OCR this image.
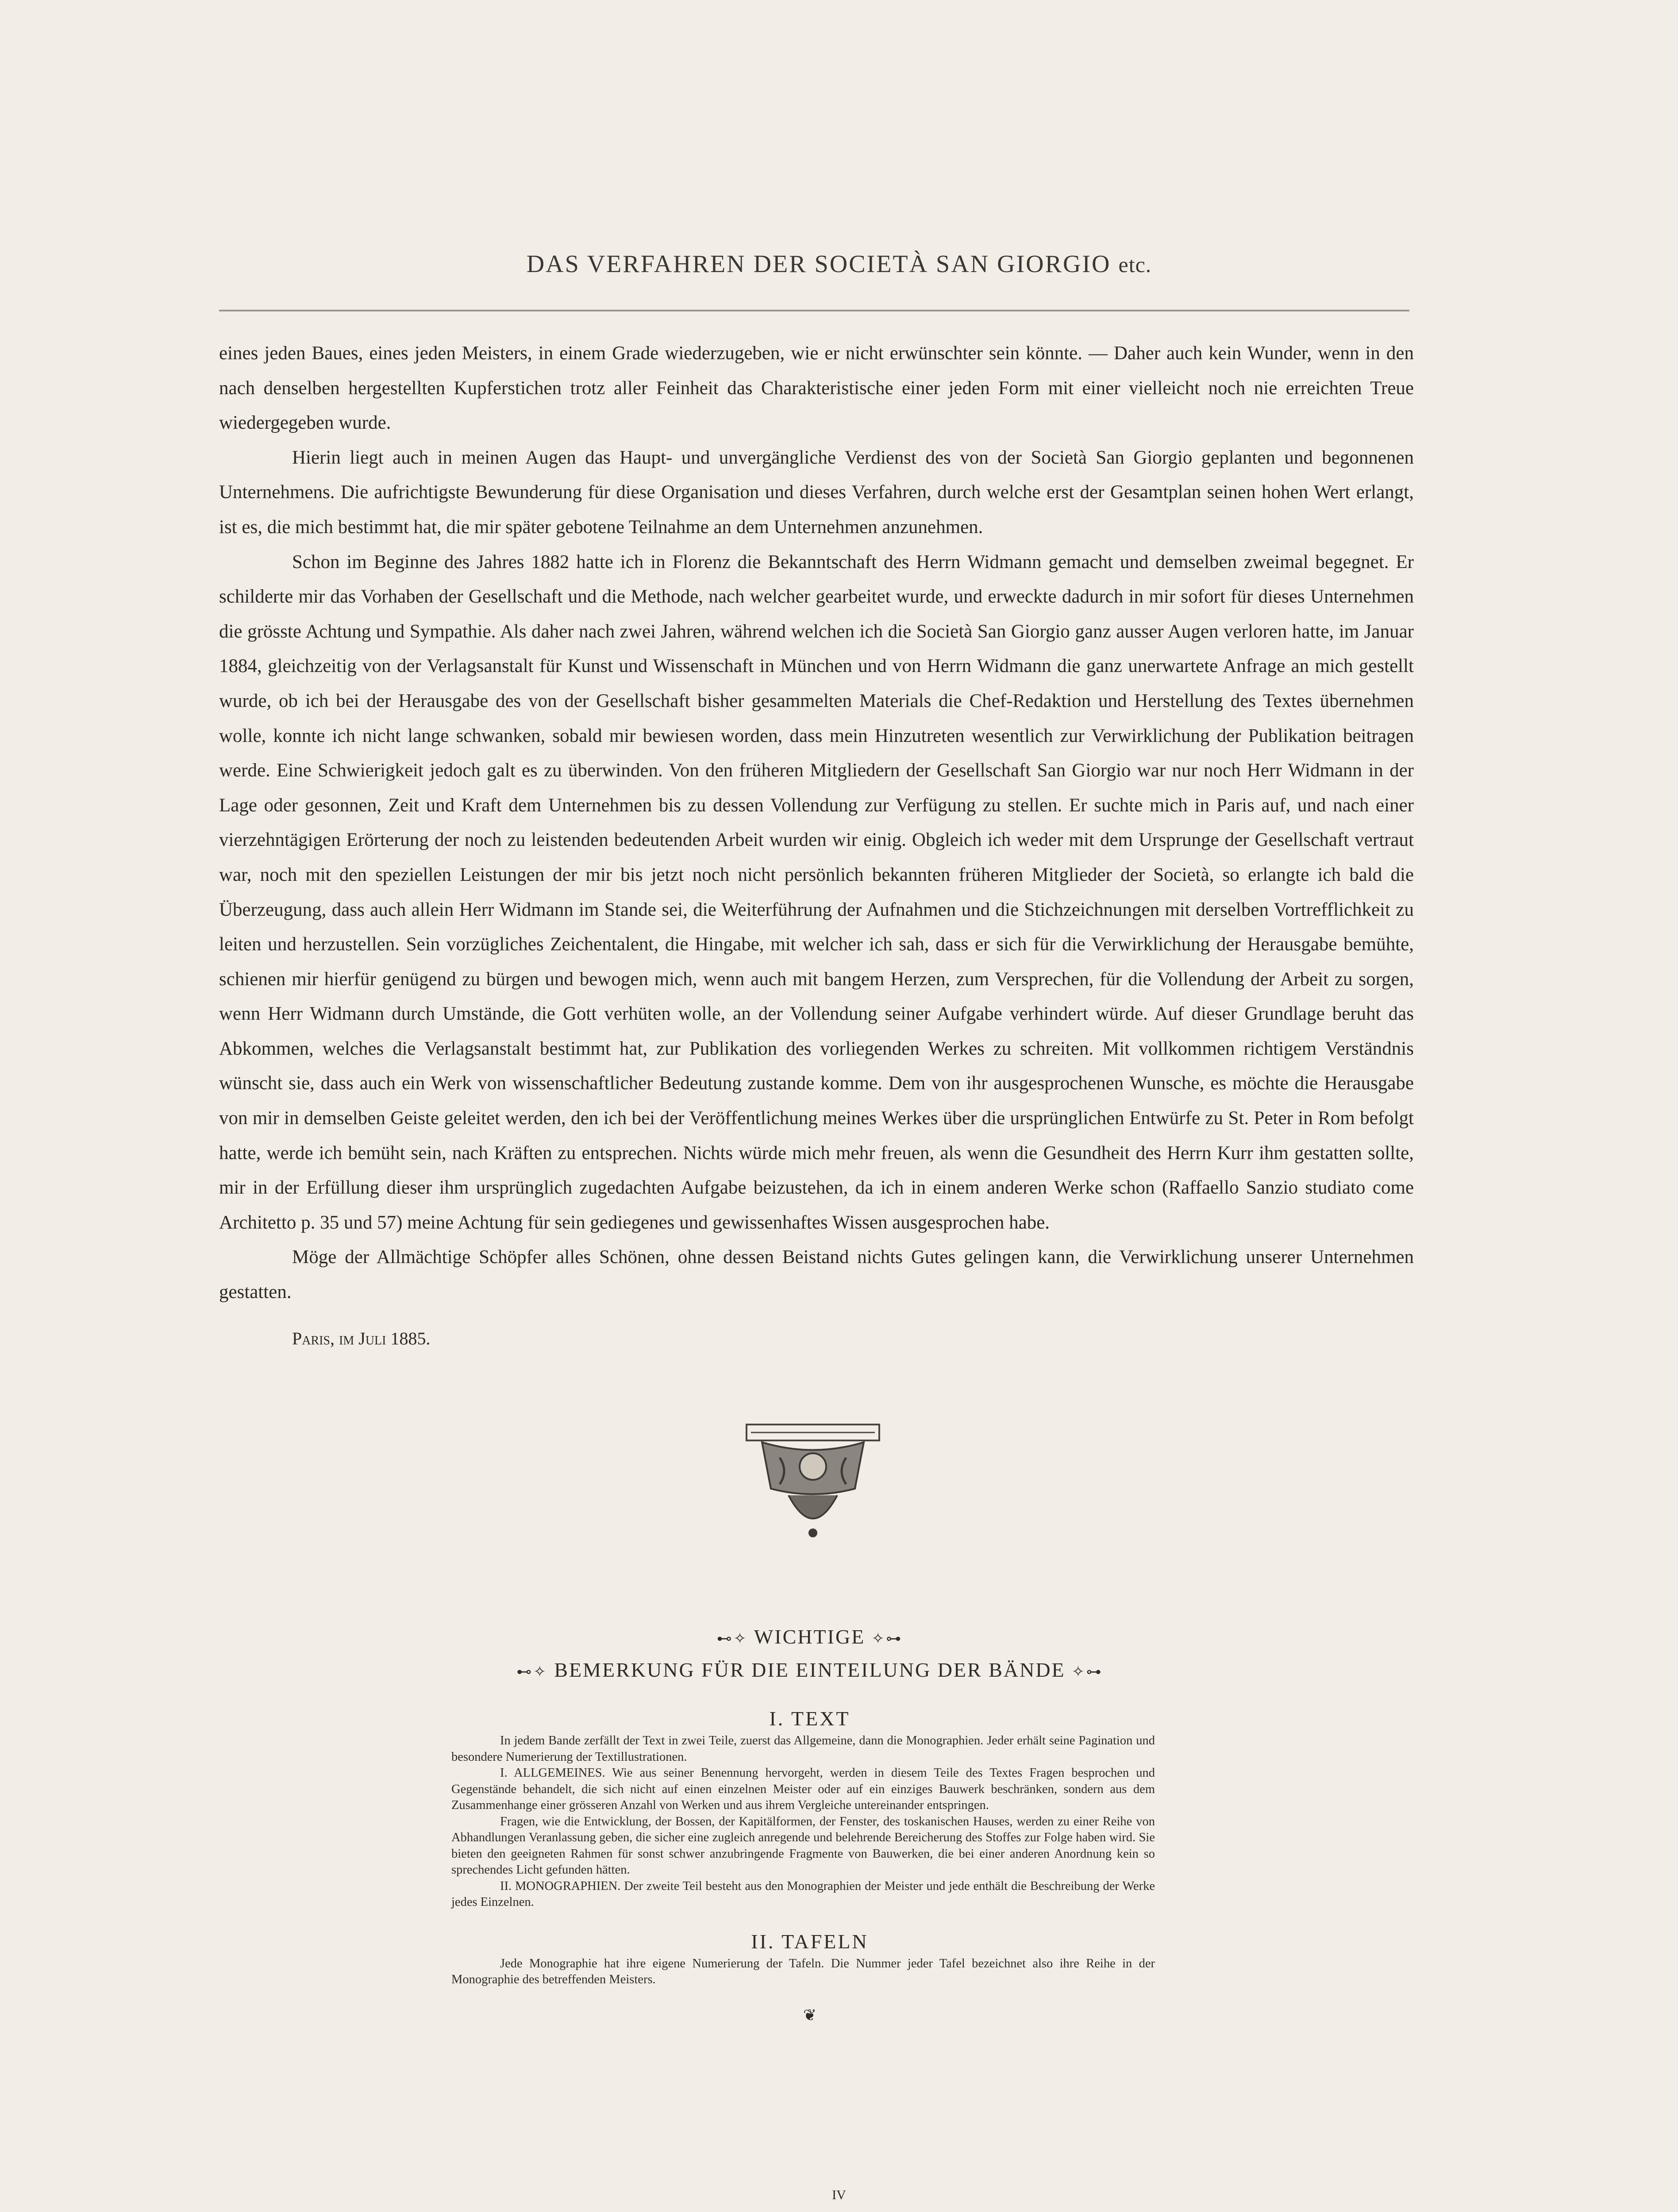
DAS VERFAHREN DER SOCIETÀ SAN GIORGIO etc.

eines jeden Baues, eines jeden Meisters, in einem Grade wiederzugeben, wie er nicht erwünschter sein könnte. — Daher auch kein Wunder, wenn in den nach denselben hergestellten Kupferstichen trotz aller Feinheit das Charakteristische einer jeden Form mit einer vielleicht noch nie erreichten Treue wiedergegeben wurde.

Hierin liegt auch in meinen Augen das Haupt- und unvergängliche Verdienst des von der Società San Giorgio geplanten und begonnenen Unternehmens. Die aufrichtigste Bewunderung für diese Organisation und dieses Verfahren, durch welche erst der Gesamtplan seinen hohen Wert erlangt, ist es, die mich bestimmt hat, die mir später gebotene Teilnahme an dem Unternehmen anzunehmen.

Schon im Beginne des Jahres 1882 hatte ich in Florenz die Bekanntschaft des Herrn Widmann gemacht und demselben zweimal begegnet. Er schilderte mir das Vorhaben der Gesellschaft und die Methode, nach welcher gearbeitet wurde, und erweckte dadurch in mir sofort für dieses Unternehmen die grösste Achtung und Sympathie. Als daher nach zwei Jahren, während welchen ich die Società San Giorgio ganz ausser Augen verloren hatte, im Januar 1884, gleichzeitig von der Verlagsanstalt für Kunst und Wissenschaft in München und von Herrn Widmann die ganz unerwartete Anfrage an mich gestellt wurde, ob ich bei der Herausgabe des von der Gesellschaft bisher gesammelten Materials die Chef-Redaktion und Herstellung des Textes übernehmen wolle, konnte ich nicht lange schwanken, sobald mir bewiesen worden, dass mein Hinzutreten wesentlich zur Verwirklichung der Publikation beitragen werde. Eine Schwierigkeit jedoch galt es zu überwinden. Von den früheren Mitgliedern der Gesellschaft San Giorgio war nur noch Herr Widmann in der Lage oder gesonnen, Zeit und Kraft dem Unternehmen bis zu dessen Vollendung zur Verfügung zu stellen. Er suchte mich in Paris auf, und nach einer vierzehntägigen Erörterung der noch zu leistenden bedeutenden Arbeit wurden wir einig. Obgleich ich weder mit dem Ursprunge der Gesellschaft vertraut war, noch mit den speziellen Leistungen der mir bis jetzt noch nicht persönlich bekannten früheren Mitglieder der Società, so erlangte ich bald die Überzeugung, dass auch allein Herr Widmann im Stande sei, die Weiterführung der Aufnahmen und die Stichzeichnungen mit derselben Vortrefflichkeit zu leiten und herzustellen. Sein vorzügliches Zeichentalent, die Hingabe, mit welcher ich sah, dass er sich für die Verwirklichung der Herausgabe bemühte, schienen mir hierfür genügend zu bürgen und bewogen mich, wenn auch mit bangem Herzen, zum Versprechen, für die Vollendung der Arbeit zu sorgen, wenn Herr Widmann durch Umstände, die Gott verhüten wolle, an der Vollendung seiner Aufgabe verhindert würde. Auf dieser Grundlage beruht das Abkommen, welches die Verlagsanstalt bestimmt hat, zur Publikation des vorliegenden Werkes zu schreiten. Mit vollkommen richtigem Verständnis wünscht sie, dass auch ein Werk von wissenschaftlicher Bedeutung zustande komme. Dem von ihr ausgesprochenen Wunsche, es möchte die Herausgabe von mir in demselben Geiste geleitet werden, den ich bei der Veröffentlichung meines Werkes über die ursprünglichen Entwürfe zu St. Peter in Rom befolgt hatte, werde ich bemüht sein, nach Kräften zu entsprechen. Nichts würde mich mehr freuen, als wenn die Gesundheit des Herrn Kurr ihm gestatten sollte, mir in der Erfüllung dieser ihm ursprünglich zugedachten Aufgabe beizustehen, da ich in einem anderen Werke schon (Raffaello Sanzio studiato come Architetto p. 35 und 57) meine Achtung für sein gediegenes und gewissenhaftes Wissen ausgesprochen habe.

Möge der Allmächtige Schöpfer alles Schönen, ohne dessen Beistand nichts Gutes gelingen kann, die Verwirklichung unserer Unternehmen gestatten.

Paris, im Juli 1885.

⊷✧ WICHTIGE ✧⊶
⊷✧ BEMERKUNG FÜR DIE EINTEILUNG DER BÄNDE ✧⊶
I. TEXT

In jedem Bande zerfällt der Text in zwei Teile, zuerst das Allgemeine, dann die Monographien. Jeder erhält seine Pagination und besondere Numerierung der Textillustrationen.

I. ALLGEMEINES. Wie aus seiner Benennung hervorgeht, werden in diesem Teile des Textes Fragen besprochen und Gegenstände behandelt, die sich nicht auf einen einzelnen Meister oder auf ein einziges Bauwerk beschränken, sondern aus dem Zusammenhange einer grösseren Anzahl von Werken und aus ihrem Vergleiche untereinander entspringen.

Fragen, wie die Entwicklung, der Bossen, der Kapitälformen, der Fenster, des toskanischen Hauses, werden zu einer Reihe von Abhandlungen Veranlassung geben, die sicher eine zugleich anregende und belehrende Bereicherung des Stoffes zur Folge haben wird. Sie bieten den geeigneten Rahmen für sonst schwer anzubringende Fragmente von Bauwerken, die bei einer anderen Anordnung kein so sprechendes Licht gefunden hätten.

II. MONOGRAPHIEN. Der zweite Teil besteht aus den Monographien der Meister und jede enthält die Beschreibung der Werke jedes Einzelnen.

II. TAFELN

Jede Monographie hat ihre eigene Numerierung der Tafeln. Die Nummer jeder Tafel bezeichnet also ihre Reihe in der Monographie des betreffenden Meisters.

❦
IV
